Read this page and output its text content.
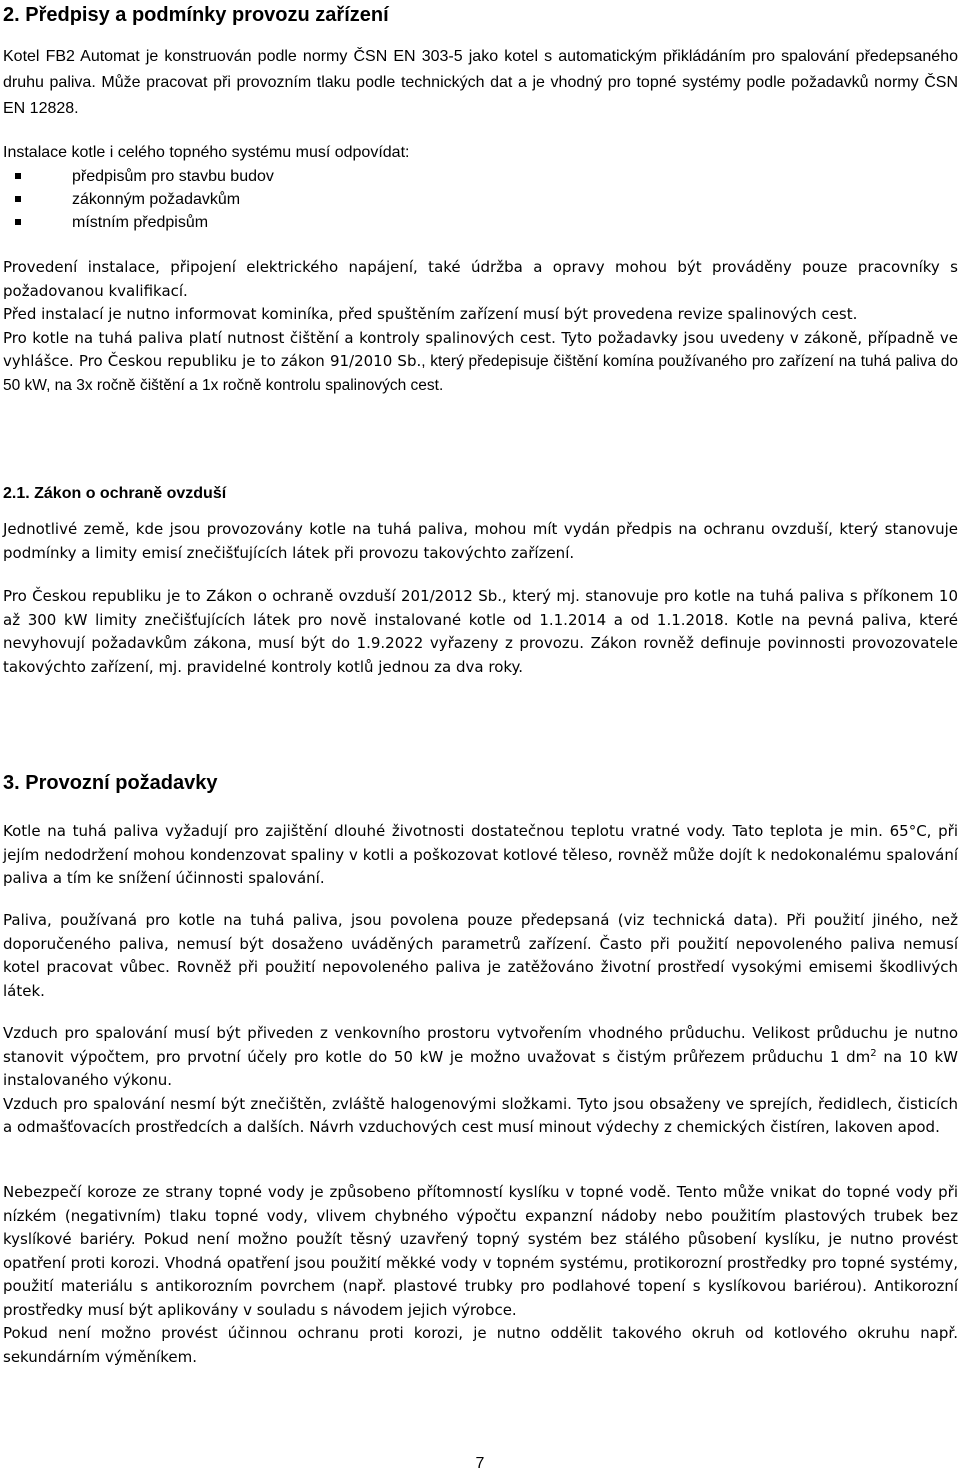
2. Předpisy a podmínky provozu zařízení

Kotel FB2 Automat je konstruován podle normy ČSN EN 303-5 jako kotel s automatickým přikládáním pro spalování předepsaného druhu paliva. Může pracovat při provozním tlaku podle technických dat a je vhodný pro topné systémy podle požadavků normy ČSN EN 12828.

Instalace kotle i celého topného systému musí odpovídat:

předpisům pro stavbu budov
zákonným požadavkům
místním předpisům

Provedení instalace, připojení elektrického napájení, také údržba a opravy mohou být prováděny pouze pracovníky s požadovanou kvalifikací.

Před instalací je nutno informovat kominíka, před spuštěním zařízení musí být provedena revize spalinových cest.

Pro kotle na tuhá paliva platí nutnost čištění a kontroly spalinových cest. Tyto požadavky jsou uvedeny v zákoně, případně ve vyhlášce. Pro Českou republiku je to zákon 91/2010 Sb., který předepisuje čištění komína používaného pro zařízení na tuhá paliva do 50 kW, na 3x ročně čištění a 1x ročně kontrolu spalinových cest.

2.1. Zákon o ochraně ovzduší

Jednotlivé země, kde jsou provozovány kotle na tuhá paliva, mohou mít vydán předpis na ochranu ovzduší, který stanovuje podmínky a limity emisí znečišťujících látek při provozu takovýchto zařízení.

Pro Českou republiku je to Zákon o ochraně ovzduší 201/2012 Sb., který mj. stanovuje pro kotle na tuhá paliva s příkonem 10 až 300 kW limity znečišťujících látek pro nově instalované kotle od 1.1.2014 a od 1.1.2018. Kotle na pevná paliva, které nevyhovují požadavkům zákona, musí být do 1.9.2022 vyřazeny z provozu. Zákon rovněž definuje povinnosti provozovatele takovýchto zařízení, mj. pravidelné kontroly kotlů jednou za dva roky.

3. Provozní požadavky

Kotle na tuhá paliva vyžadují pro zajištění dlouhé životnosti dostatečnou teplotu vratné vody. Tato teplota je min. 65°C, při jejím nedodržení mohou kondenzovat spaliny v kotli a poškozovat kotlové těleso, rovněž může dojít k nedokonalému spalování paliva a tím ke snížení účinnosti spalování.

Paliva, používaná pro kotle na tuhá paliva, jsou povolena pouze předepsaná (viz technická data). Při použití jiného, než doporučeného paliva, nemusí být dosaženo uváděných parametrů zařízení. Často při použití nepovoleného paliva nemusí kotel pracovat vůbec. Rovněž při použití nepovoleného paliva je zatěžováno životní prostředí vysokými emisemi škodlivých látek.

Vzduch pro spalování musí být přiveden z venkovního prostoru vytvořením vhodného průduchu. Velikost průduchu je nutno stanovit výpočtem, pro prvotní účely pro kotle do 50 kW je možno uvažovat s čistým průřezem průduchu 1 $dm^2$ na 10 kW instalovaného výkonu.

Vzduch pro spalování nesmí být znečištěn, zvláště halogenovými složkami. Tyto jsou obsaženy ve sprejích, ředidlech, čisticích a odmašťovacích prostředcích a dalších. Návrh vzduchových cest musí minout výdechy z chemických čistíren, lakoven apod.

Nebezpečí koroze ze strany topné vody je způsobeno přítomností kyslíku v topné vodě. Tento může vnikat do topné vody při nízkém (negativním) tlaku topné vody, vlivem chybného výpočtu expanzní nádoby nebo použitím plastových trubek bez kyslíkové bariéry. Pokud není možno použít těsný uzavřený topný systém bez stálého působení kyslíku, je nutno provést opatření proti korozi. Vhodná opatření jsou použití měkké vody v topném systému, protikorozní prostředky pro topné systémy, použití materiálu s antikorozním povrchem (např. plastové trubky pro podlahové topení s kyslíkovou bariérou). Antikorozní prostředky musí být aplikovány v souladu s návodem jejich výrobce.

Pokud není možno provést účinnou ochranu proti korozi, je nutno oddělit takového okruh od kotlového okruhu např. sekundárním výměníkem.

7
